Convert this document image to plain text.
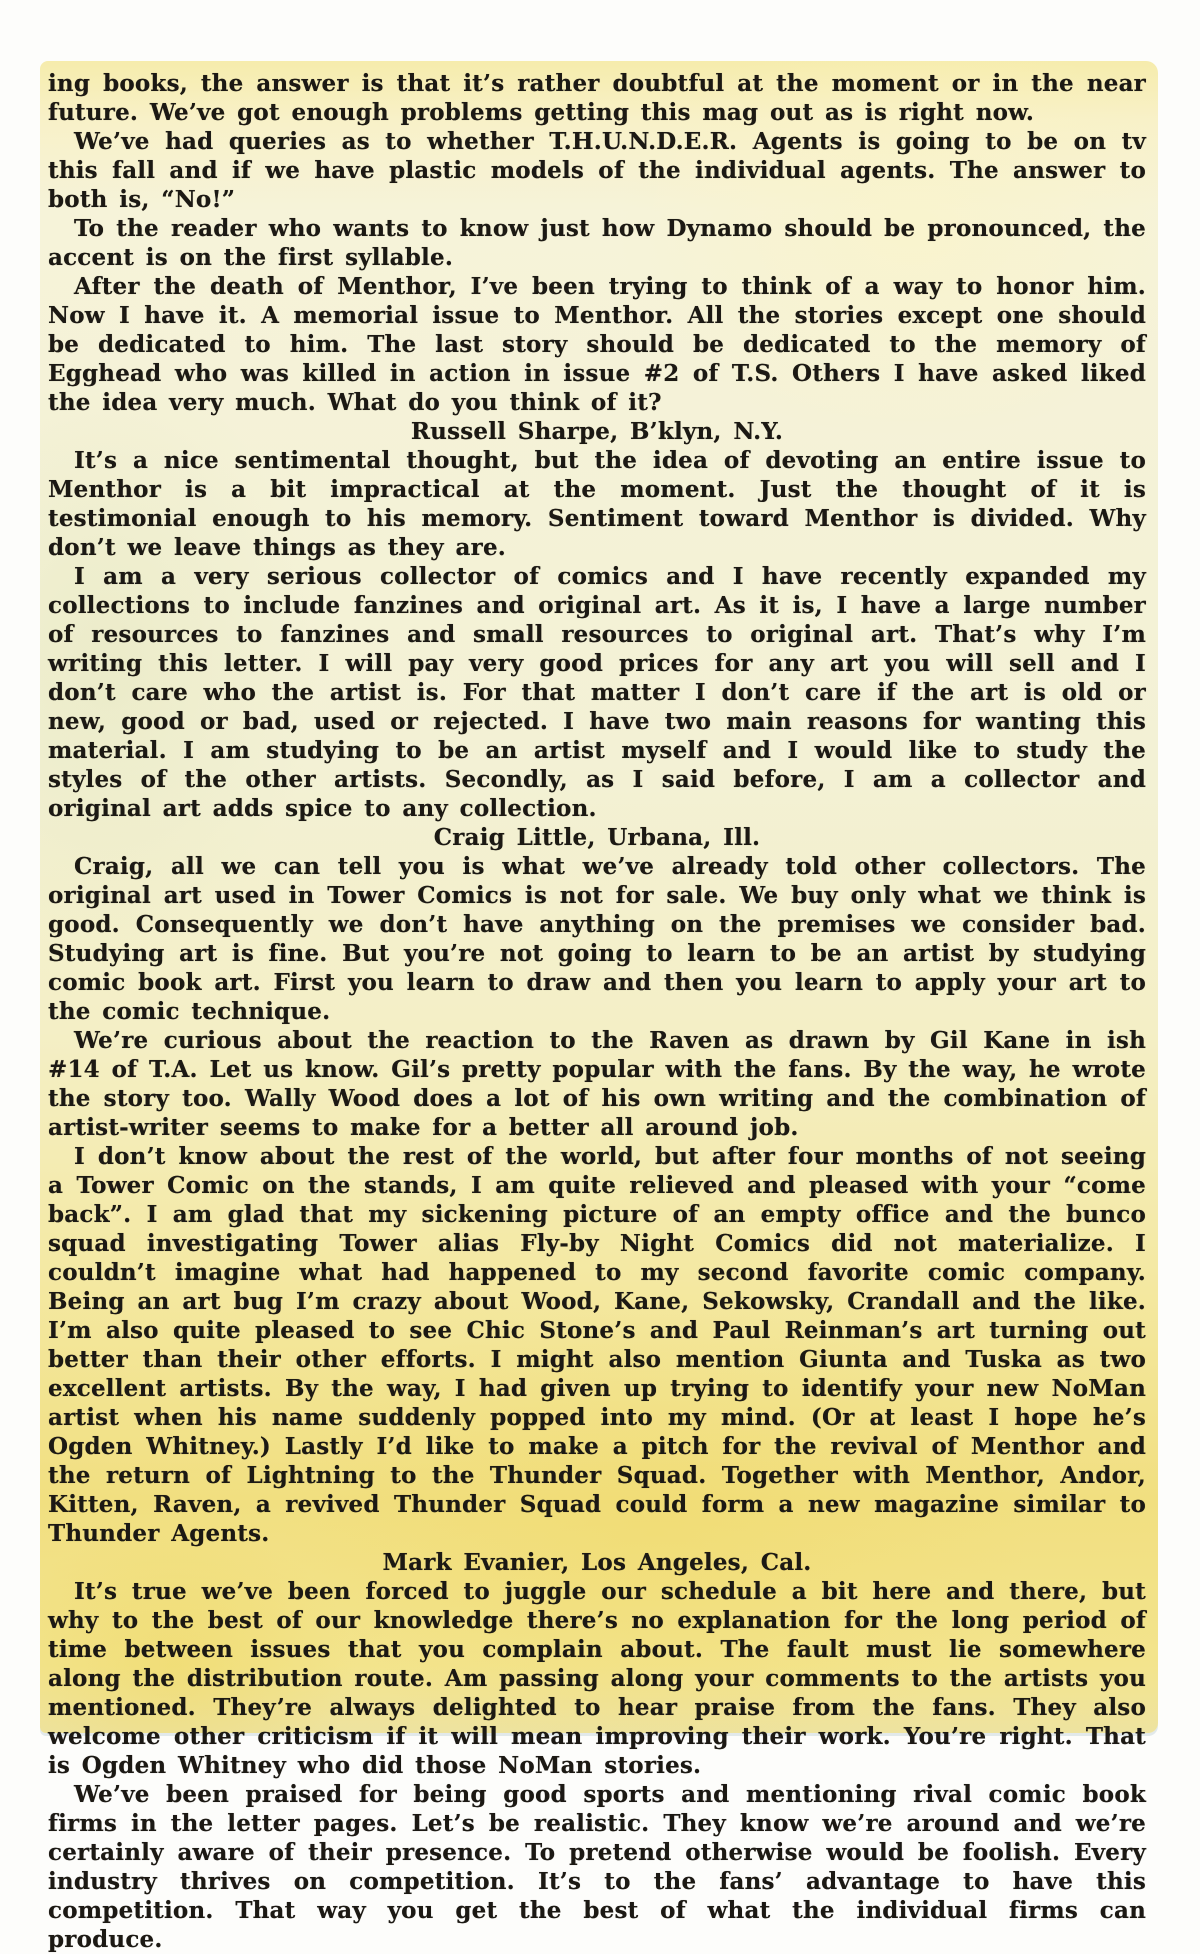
ing books, the answer is that it’s rather doubtful at the moment or in the near future. We’ve got enough problems getting this mag out as is right now.

We’ve had queries as to whether T.H.U.N.D.E.R. Agents is going to be on tv this fall and if we have plastic models of the individual agents. The answer to both is, “No!”

To the reader who wants to know just how Dynamo should be pronounced, the accent is on the first syllable.

After the death of Menthor, I’ve been trying to think of a way to honor him. Now I have it. A memorial issue to Menthor. All the stories except one should be dedicated to him. The last story should be dedicated to the memory of Egghead who was killed in action in issue #2 of T.S. Others I have asked liked the idea very much. What do you think of it?

Russell Sharpe, B’klyn, N.Y.

It’s a nice sentimental thought, but the idea of devoting an entire issue to Menthor is a bit impractical at the moment. Just the thought of it is testimonial enough to his memory. Sentiment toward Menthor is divided. Why don’t we leave things as they are.

I am a very serious collector of comics and I have recently expanded my collections to include fanzines and original art. As it is, I have a large number of resources to fanzines and small resources to original art. That’s why I’m writing this letter. I will pay very good prices for any art you will sell and I don’t care who the artist is. For that matter I don’t care if the art is old or new, good or bad, used or rejected. I have two main reasons for wanting this material. I am studying to be an artist myself and I would like to study the styles of the other artists. Secondly, as I said before, I am a collector and original art adds spice to any collection.

Craig Little, Urbana, Ill.

Craig, all we can tell you is what we’ve already told other collectors. The original art used in Tower Comics is not for sale. We buy only what we think is good. Consequently we don’t have anything on the premises we consider bad. Studying art is fine. But you’re not going to learn to be an artist by studying comic book art. First you learn to draw and then you learn to apply your art to the comic technique.

We’re curious about the reaction to the Raven as drawn by Gil Kane in ish #14 of T.A. Let us know. Gil’s pretty popular with the fans. By the way, he wrote the story too. Wally Wood does a lot of his own writing and the combination of artist-writer seems to make for a better all around job.

I don’t know about the rest of the world, but after four months of not seeing a Tower Comic on the stands, I am quite relieved and pleased with your “come back”. I am glad that my sickening picture of an empty office and the bunco squad investigating Tower alias Fly-by Night Comics did not materialize. I couldn’t imagine what had happened to my second favorite comic company. Being an art bug I’m crazy about Wood, Kane, Sekowsky, Crandall and the like. I’m also quite pleased to see Chic Stone’s and Paul Reinman’s art turning out better than their other efforts. I might also mention Giunta and Tuska as two excellent artists. By the way, I had given up trying to identify your new NoMan artist when his name suddenly popped into my mind. (Or at least I hope he’s Ogden Whitney.) Lastly I’d like to make a pitch for the revival of Menthor and the return of Lightning to the Thunder Squad. Together with Menthor, Andor, Kitten, Raven, a revived Thunder Squad could form a new magazine similar to Thunder Agents.

Mark Evanier, Los Angeles, Cal.

It’s true we’ve been forced to juggle our schedule a bit here and there, but why to the best of our knowledge there’s no explanation for the long period of time between issues that you complain about. The fault must lie somewhere along the distribution route. Am passing along your comments to the artists you mentioned. They’re always delighted to hear praise from the fans. They also welcome other criticism if it will mean improving their work. You’re right. That is Ogden Whitney who did those NoMan stories.

We’ve been praised for being good sports and mentioning rival comic book firms in the letter pages. Let’s be realistic. They know we’re around and we’re certainly aware of their presence. To pretend otherwise would be foolish. Every industry thrives on competition. It’s to the fans’ advantage to have this competition. That way you get the best of what the individual firms can produce.
